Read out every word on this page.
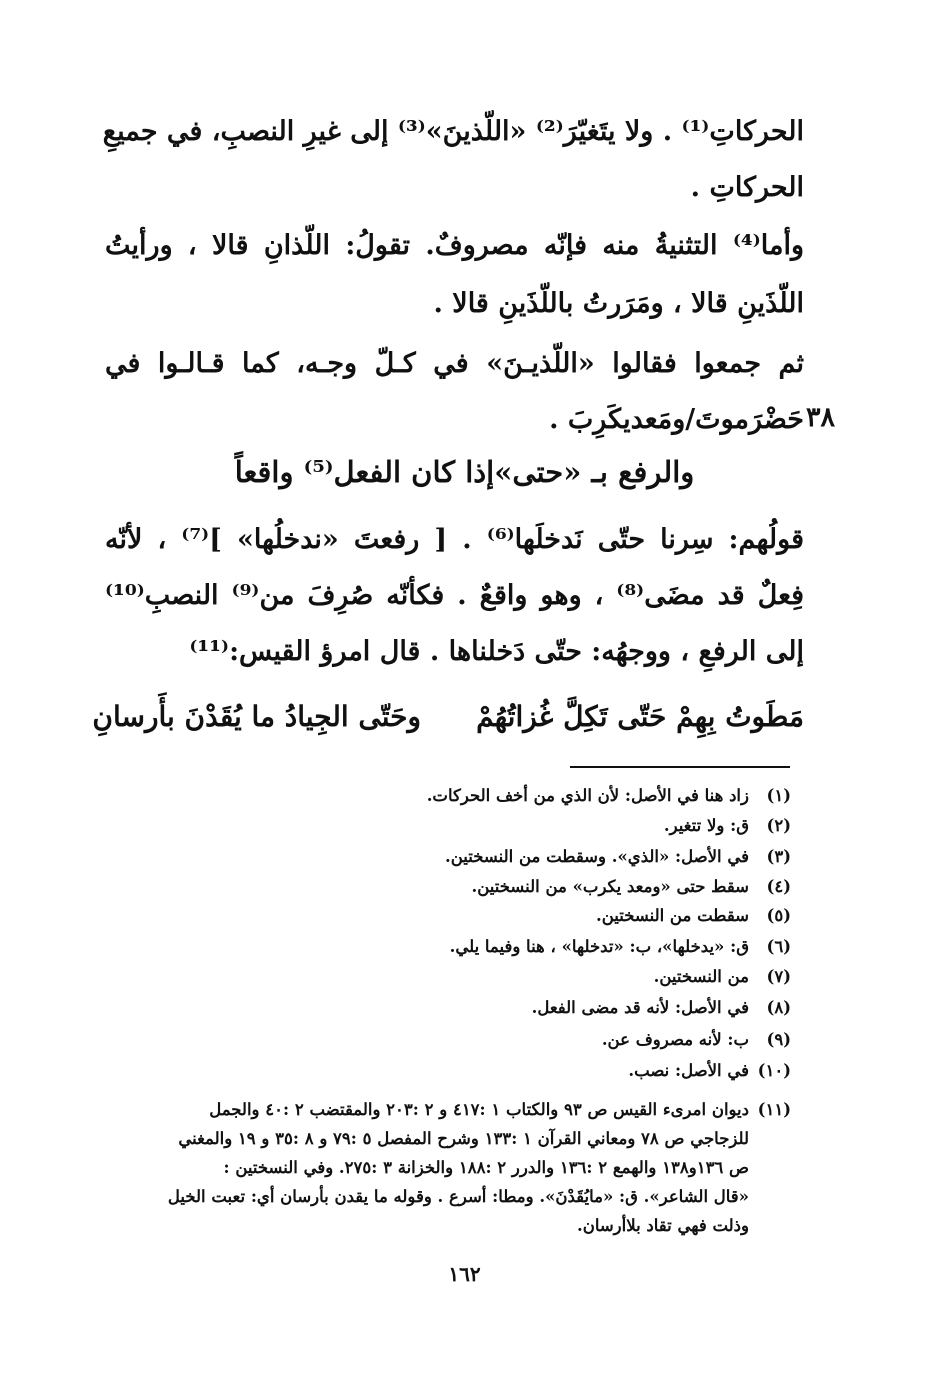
الحركاتِ⁽¹⁾ . ولا يتَغيّرَ⁽²⁾ «اللّذينَ»⁽³⁾ إلى غيرِ النصبِ، في جميعِ
الحركاتِ .
وأما⁽⁴⁾ التثنيةُ منه فإنّه مصروفٌ. تقولُ: اللّذانِ قالا ، ورأيتُ
اللّذَينِ قالا ، ومَرَرتُ باللّذَينِ قالا .
ثم جمعوا فقالوا «اللّذيـنَ» في كـلّ وجـه، كما قـالـوا في
حَضْرَموتَ/ومَعديكَرِبَ . ٣٨
والرفع بـ «حتى»إذا كان الفعل⁽⁵⁾ واقعاً
قولُهم: سِرنا حتّى نَدخلَها⁽⁶⁾ . [ رفعتَ «ندخلُها» ]⁽⁷⁾ ، لأنّه
فِعلٌ قد مضَى⁽⁸⁾ ، وهو واقعٌ . فكأنّه صُرِفَ من⁽⁹⁾ النصبِ⁽¹⁰⁾
إلى الرفعِ ، ووجهُه: حتّى دَخلناها . قال امرؤ القيس:⁽¹¹⁾
مَطَوتُ بِهِمْ حَتّى تَكِلَّ غُزاتُهُمْ
وحَتّى الجِيادُ ما يُقَدْنَ بأَرسانِ
(١)زاد هنا في الأصل: لأن الذي من أخف الحركات.
(٢)ق: ولا تتغير.
(٣)في الأصل: «الذي». وسقطت من النسختين.
(٤)سقط حتى «ومعد يكرب» من النسختين.
(٥)سقطت من النسختين.
(٦)ق: «يدخلها»، ب: «تدخلها» ، هنا وفيما يلي.
(٧)من النسختين.
(٨)في الأصل: لأنه قد مضى الفعل.
(٩)ب: لأنه مصروف عن.
(١٠)في الأصل: نصب.
(١١)
ديوان امرىء القيس ص ٩٣ والكتاب ١ :٤١٧ و ٢ :٢٠٣ والمقتضب ٢ :٤٠ والجمل
للزجاجي ص ٧٨ ومعاني القرآن ١ :١٣٣ وشرح المفصل ٥ :٧٩ و ٨ :٣٥ و ١٩ والمغني
ص ١٣٦و١٣٨ والهمع ٢ :١٣٦ والدرر ٢ :١٨٨ والخزانة ٣ :٢٧٥. وفي النسختين :
«قال الشاعر». ق: «مايُقَدْنَ». ومطا: أسرع . وقوله ما يقدن بأرسان أي: تعبت الخيل
وذلت فهي تقاد بلاأرسان.
١٦٢
